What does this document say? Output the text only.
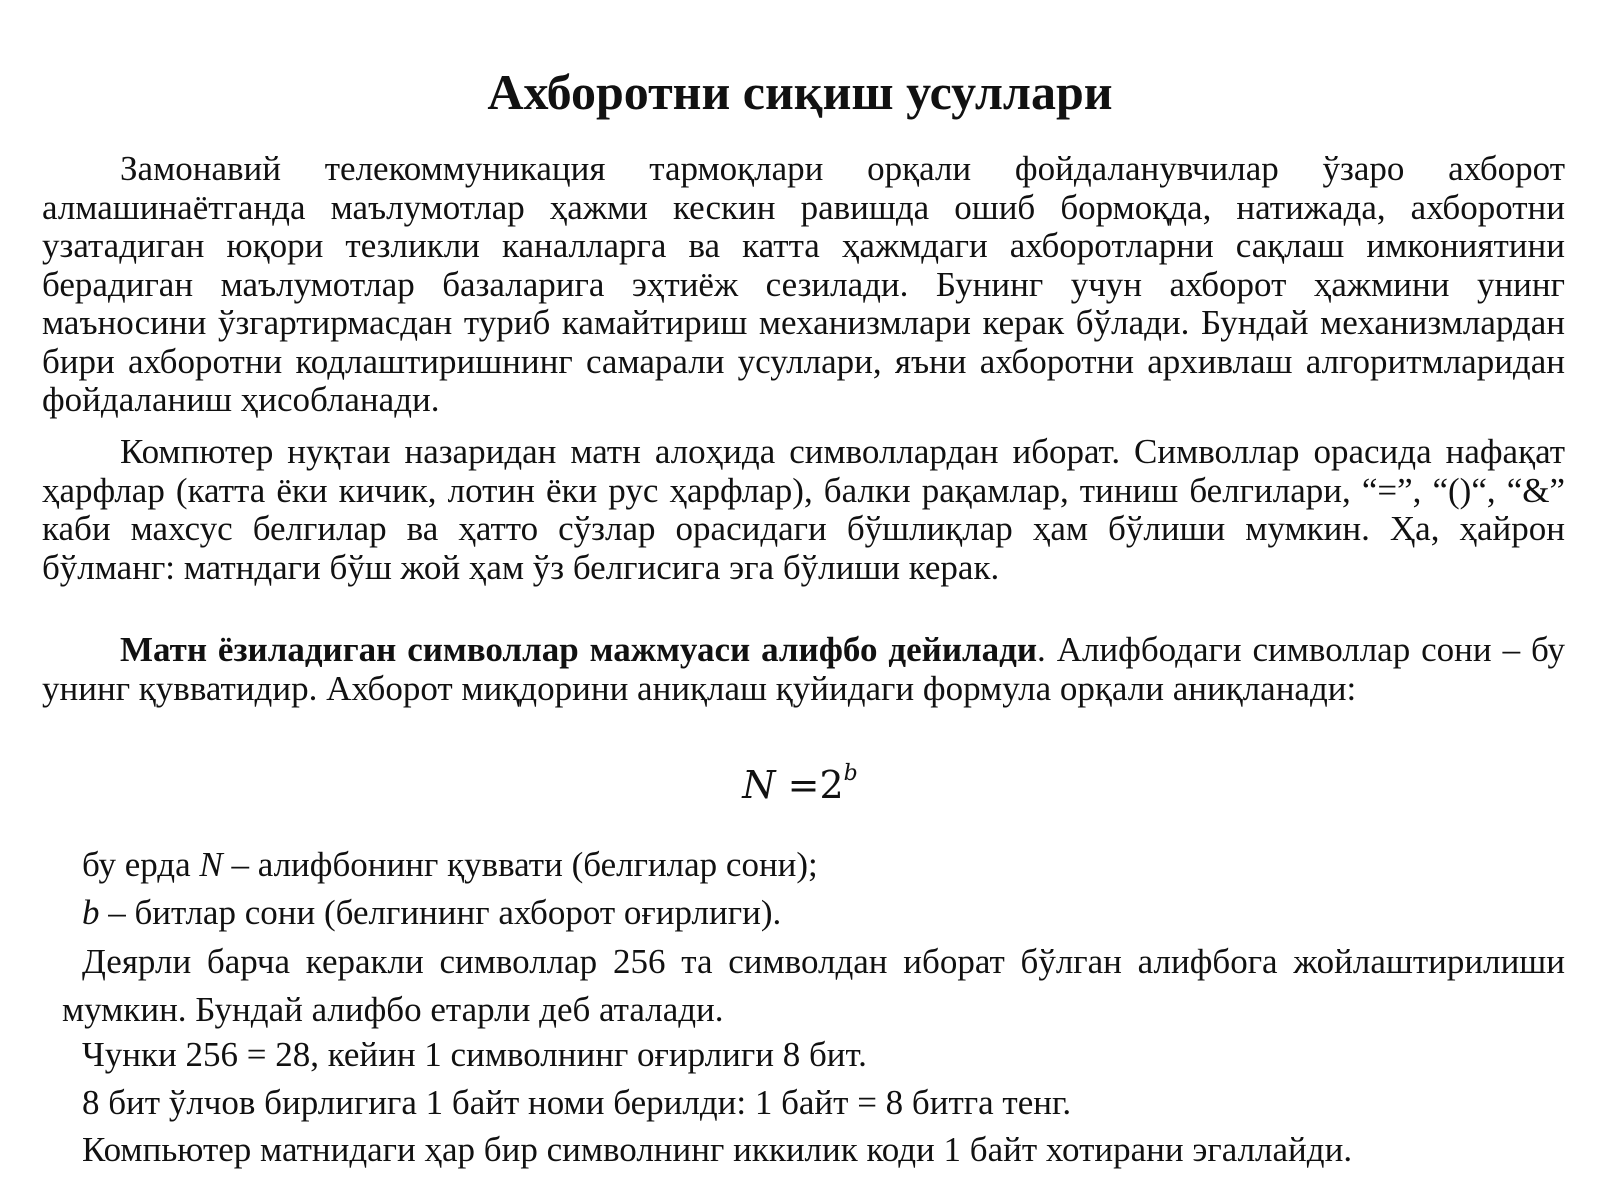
Ахборотни сиқиш усуллари

Замонавий телекоммуникация тармоқлари орқали фойдаланувчилар ўзаро ахборот алмашинаётганда маълумотлар ҳажми кескин равишда ошиб бормоқда, натижада, ахборотни узатадиган юқори тезликли каналларга ва катта ҳажмдаги ахборотларни сақлаш имкониятини берадиган маълумотлар базаларига эҳтиёж сезилади. Бунинг учун ахборот ҳажмини унинг маъносини ўзгартирмасдан туриб камайтириш механизмлари керак бўлади. Бундай механизмлардан бири ахборотни кодлаштиришнинг самарали усуллари, яъни ахборотни архивлаш алгоритмларидан фойдаланиш ҳисобланади.

Компютер нуқтаи назаридан матн алоҳида символлардан иборат. Символлар орасида нафақат ҳарфлар (катта ёки кичик, лотин ёки рус ҳарфлар), балки рақамлар, тиниш белгилари, “=”, “()“, “&” каби махсус белгилар ва ҳатто сўзлар орасидаги бўшлиқлар ҳам бўлиши мумкин. Ҳа, ҳайрон бўлманг: матндаги бўш жой ҳам ўз белгисига эга бўлиши керак.

Матн ёзиладиган символлар мажмуаси алифбо дейилади. Алифбодаги символлар сони – бу унинг қувватидир. Ахборот миқдорини аниқлаш қуйидаги формула орқали аниқланади:

$N =2^b$
бу ерда N – алифбонинг қуввати (белгилар сони);
b – битлар сони (белгининг ахборот оғирлиги).

Деярли барча керакли символлар 256 та символдан иборат бўлган алифбога жойлаштирилиши мумкин. Бундай алифбо етарли деб аталади.

Чунки 256 = 28, кейин 1 символнинг оғирлиги 8 бит.
8 бит ўлчов бирлигига 1 байт номи берилди: 1 байт = 8 битга тенг.
Компьютер матнидаги ҳар бир символнинг иккилик коди 1 байт хотирани эгаллайди.
